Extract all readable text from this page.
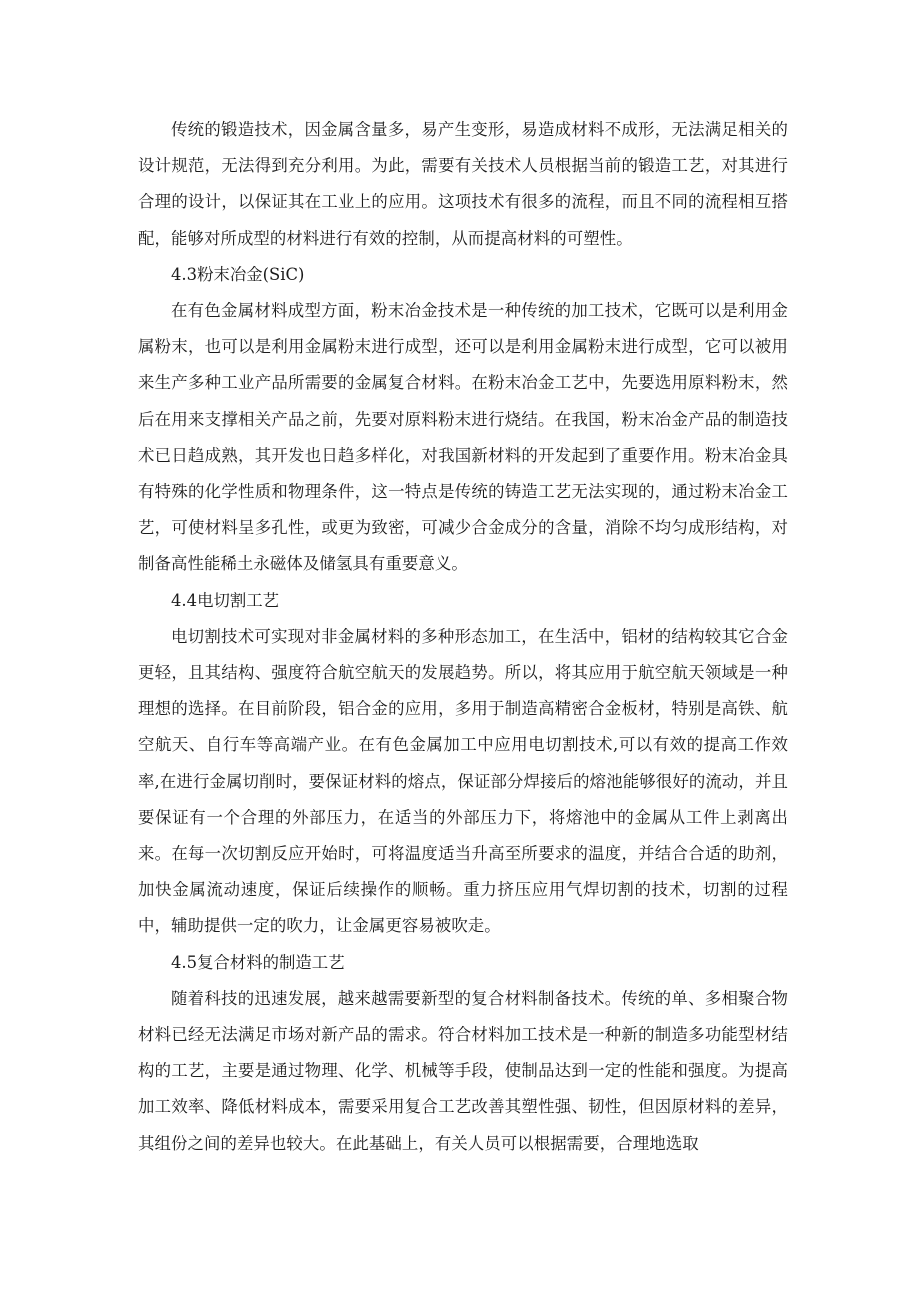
传统的锻造技术，因金属含量多，易产生变形，易造成材料不成形，无法满足相关的设计规范，无法得到充分利用。为此，需要有关技术人员根据当前的锻造工艺，对其进行合理的设计，以保证其在工业上的应用。这项技术有很多的流程，而且不同的流程相互搭配，能够对所成型的材料进行有效的控制，从而提高材料的可塑性。

4.3粉末冶金(SiC)

在有色金属材料成型方面，粉末冶金技术是一种传统的加工技术，它既可以是利用金属粉末，也可以是利用金属粉末进行成型，还可以是利用金属粉末进行成型，它可以被用来生产多种工业产品所需要的金属复合材料。在粉末冶金工艺中，先要选用原料粉末，然后在用来支撑相关产品之前，先要对原料粉末进行烧结。在我国，粉末冶金产品的制造技术已日趋成熟，其开发也日趋多样化，对我国新材料的开发起到了重要作用。粉末冶金具有特殊的化学性质和物理条件，这一特点是传统的铸造工艺无法实现的，通过粉末冶金工艺，可使材料呈多孔性，或更为致密，可减少合金成分的含量，消除不均匀成形结构，对制备高性能稀土永磁体及储氢具有重要意义。

4.4电切割工艺

电切割技术可实现对非金属材料的多种形态加工，在生活中，铝材的结构较其它合金更轻，且其结构、强度符合航空航天的发展趋势。所以，将其应用于航空航天领域是一种理想的选择。在目前阶段，铝合金的应用，多用于制造高精密合金板材，特别是高铁、航空航天、自行车等高端产业。在有色金属加工中应用电切割技术,可以有效的提高工作效率,在进行金属切削时，要保证材料的熔点，保证部分焊接后的熔池能够很好的流动，并且要保证有一个合理的外部压力，在适当的外部压力下，将熔池中的金属从工件上剥离出来。在每一次切割反应开始时，可将温度适当升高至所要求的温度，并结合合适的助剂，加快金属流动速度，保证后续操作的顺畅。重力挤压应用气焊切割的技术，切割的过程中，辅助提供一定的吹力，让金属更容易被吹走。

4.5复合材料的制造工艺

随着科技的迅速发展，越来越需要新型的复合材料制备技术。传统的单、多相聚合物材料已经无法满足市场对新产品的需求。符合材料加工技术是一种新的制造多功能型材结构的工艺，主要是通过物理、化学、机械等手段，使制品达到一定的性能和强度。为提高加工效率、降低材料成本，需要采用复合工艺改善其塑性强、韧性，但因原材料的差异，其组份之间的差异也较大。在此基础上，有关人员可以根据需要，合理地选取
